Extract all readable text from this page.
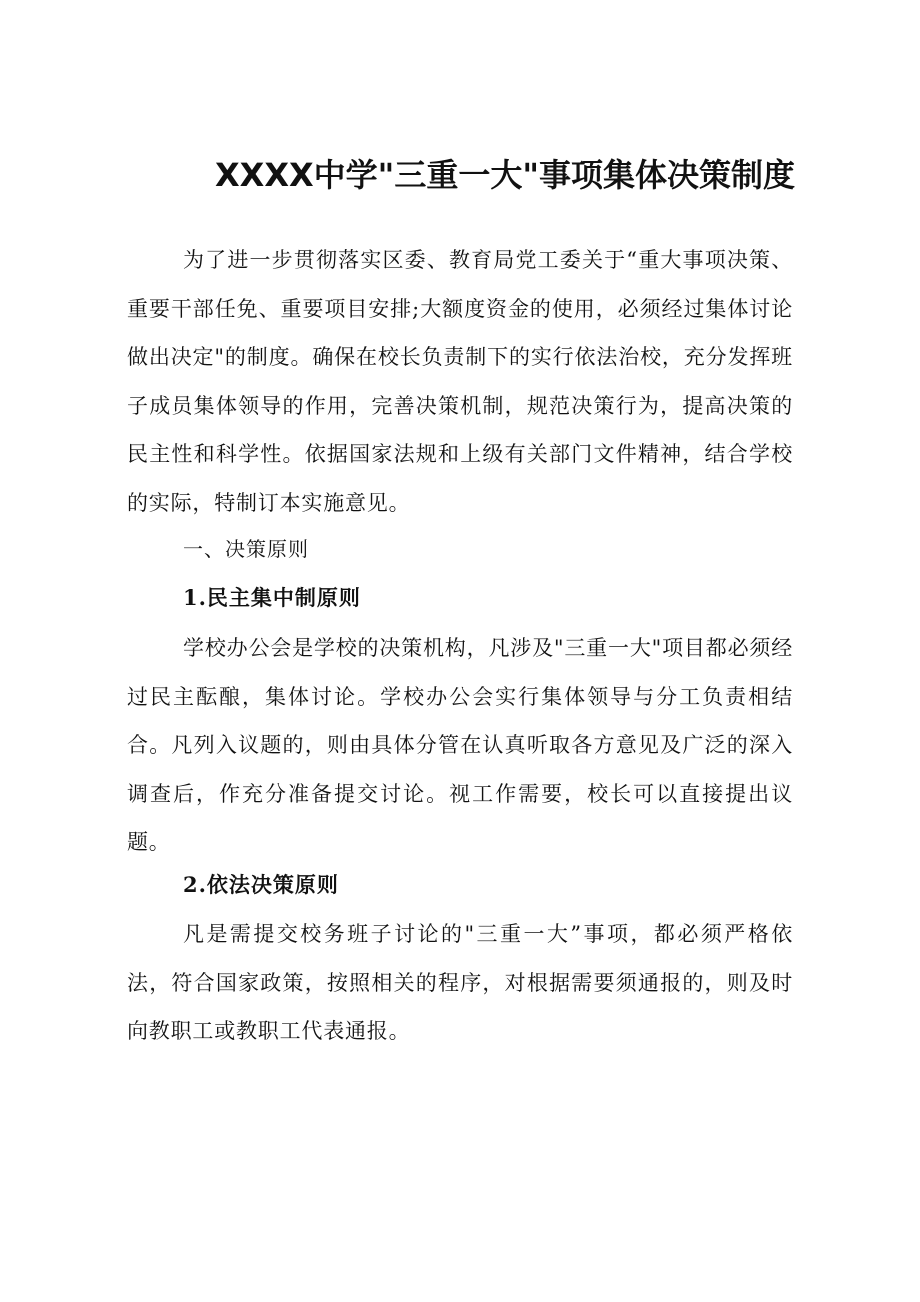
XXXX中学"三重一大"事项集体决策制度

为了进一步贯彻落实区委、教育局党工委关于“重大事项决策、重要干部任免、重要项目安排;大额度资金的使用，必须经过集体讨论做出决定"的制度。确保在校长负责制下的实行依法治校，充分发挥班子成员集体领导的作用，完善决策机制，规范决策行为，提高决策的民主性和科学性。依据国家法规和上级有关部门文件精神，结合学校的实际，特制订本实施意见。

一、决策原则

1.民主集中制原则

学校办公会是学校的决策机构，凡涉及"三重一大"项目都必须经过民主酝酿，集体讨论。学校办公会实行集体领导与分工负责相结合。凡列入议题的，则由具体分管在认真听取各方意见及广泛的深入调查后，作充分准备提交讨论。视工作需要，校长可以直接提出议题。

2.依法决策原则

凡是需提交校务班子讨论的"三重一大”事项，都必须严格依法，符合国家政策，按照相关的程序，对根据需要须通报的，则及时向教职工或教职工代表通报。
